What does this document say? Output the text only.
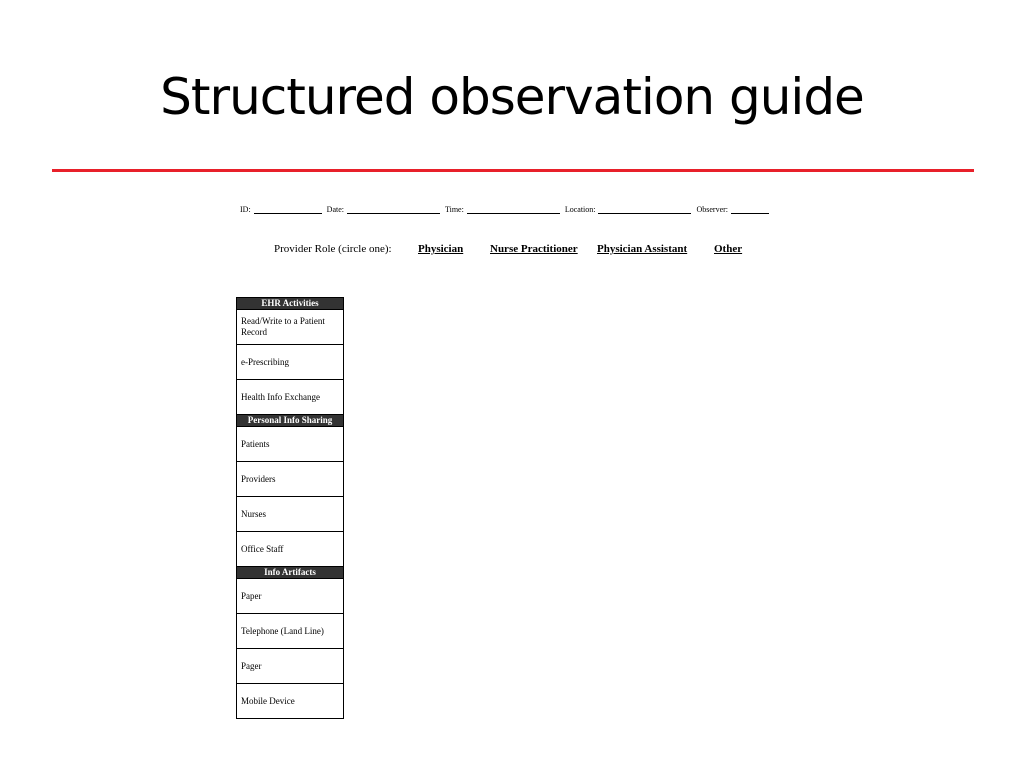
Structured observation guide
ID:	Date:	Time:	Location:	Observer:
Provider Role (circle one): Physician Nurse Practitioner Physician Assistant Other
EHR Activities
Read/Write to a Patient Record
e-Prescribing
Health Info Exchange
Personal Info Sharing
Patients
Providers
Nurses
Office Staff
Info Artifacts
Paper
Telephone (Land Line)
Pager
Mobile Device
